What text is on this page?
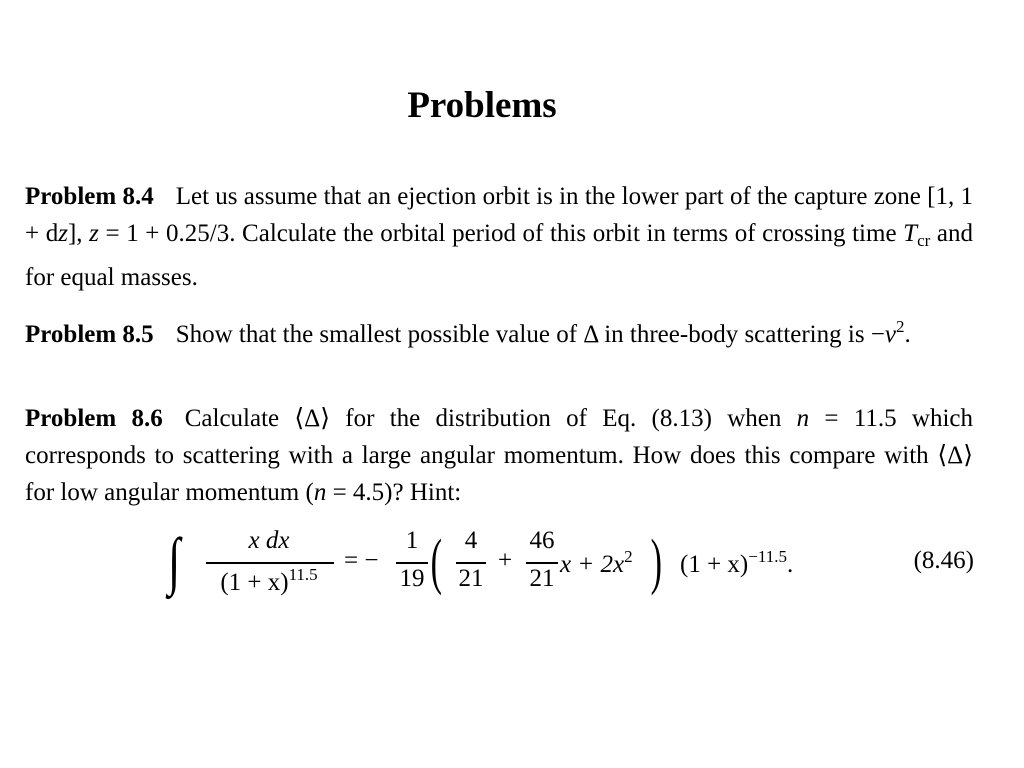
Problems
Problem 8.4 Let us assume that an ejection orbit is in the lower part of the capture zone [1, 1 + dz], z = 1 + 0.25/3. Calculate the orbital period of this orbit in terms of crossing time $T_{cr}$ and for equal masses.
Problem 8.5 Show that the smallest possible value of Δ in three-body scattering is $-v^2$.
Problem 8.6 Calculate ⟨Δ⟩ for the distribution of Eq. (8.13) when n = 11.5 which corresponds to scattering with a large angular momentum. How does this compare with ⟨Δ⟩ for low angular momentum (n = 4.5)? Hint:
∫	x dx
$(1 + x)^{11.5}$
= −
1
19 ( 4
21
+
46
21
$x + 2x^2$ ) $(1 + x)^{-11.5}$.	(8.46)
